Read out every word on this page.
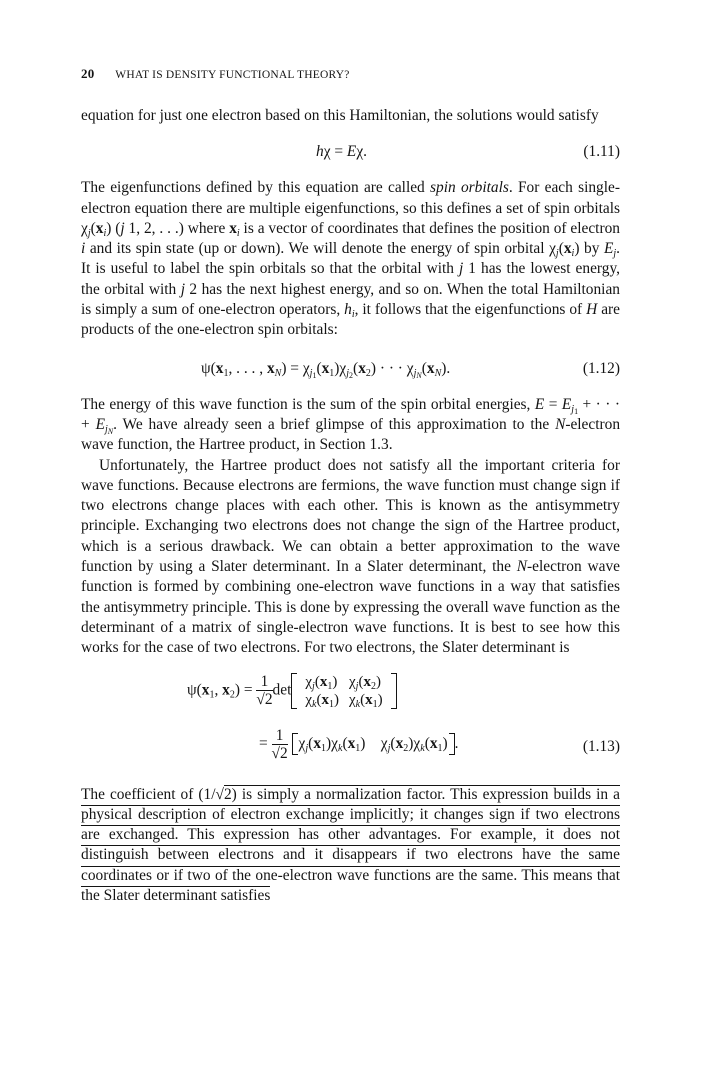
20 WHAT IS DENSITY FUNCTIONAL THEORY?

equation for just one electron based on this Hamiltonian, the solutions would satisfy

hχ = Eχ.	(1.11)

The eigenfunctions defined by this equation are called spin orbitals. For each single-electron equation there are multiple eigenfunctions, so this defines a set of spin orbitals $\chi_j(x_i)$ (j 1, 2, . . .) where $x_i$ is a vector of coordinates that defines the position of electron i and its spin state (up or down). We will denote the energy of spin orbital $\chi_j(x_i)$ by $E_j$. It is useful to label the spin orbitals so that the orbital with j 1 has the lowest energy, the orbital with j 2 has the next highest energy, and so on. When the total Hamiltonian is simply a sum of one-electron operators, $h_i$, it follows that the eigenfunctions of H are products of the one-electron spin orbitals:

$\psi(x_1$, . . . , $x_N) = \chi_{j_1}(x_1)\chi_{j_2}(x_2)$ · · · $\chi_{j_N}(x_N)$.	(1.12)

The energy of this wave function is the sum of the spin orbital energies, $E = E_{j_1}$ + · · · + $E_{j_N}$. We have already seen a brief glimpse of this approximation to the N-electron wave function, the Hartree product, in Section 1.3.

Unfortunately, the Hartree product does not satisfy all the important criteria for wave functions. Because electrons are fermions, the wave function must change sign if two electrons change places with each other. This is known as the antisymmetry principle. Exchanging two electrons does not change the sign of the Hartree product, which is a serious drawback. We can obtain a better approximation to the wave function by using a Slater determinant. In a Slater determinant, the N-electron wave function is formed by combining one-electron wave functions in a way that satisfies the antisymmetry principle. This is done by expressing the overall wave function as the determinant of a matrix of single-electron wave functions. It is best to see how this works for the case of two electrons. For two electrons, the Slater determinant is

$\psi(x_1$, $x_2) = \frac{1}{√2}$ $\det \chi_j(x_1)$	$\chi_j(x_2)$
$\chi_k(x_1)$	$\chi_k(x_1)$
= $\frac{1}{√2} \chi_j(x_1)\chi_k(x_1)$    $\chi_j(x_2)\chi_k(x_1)$ .	(1.13)

The coefficient of (1/√2) is simply a normalization factor. This expression builds in a physical description of electron exchange implicitly; it changes sign if two electrons are exchanged. This expression has other advantages. For example, it does not distinguish between electrons and it disappears if two electrons have the same coordinates or if two of the one-electron wave functions are the same. This means that the Slater determinant satisfies
